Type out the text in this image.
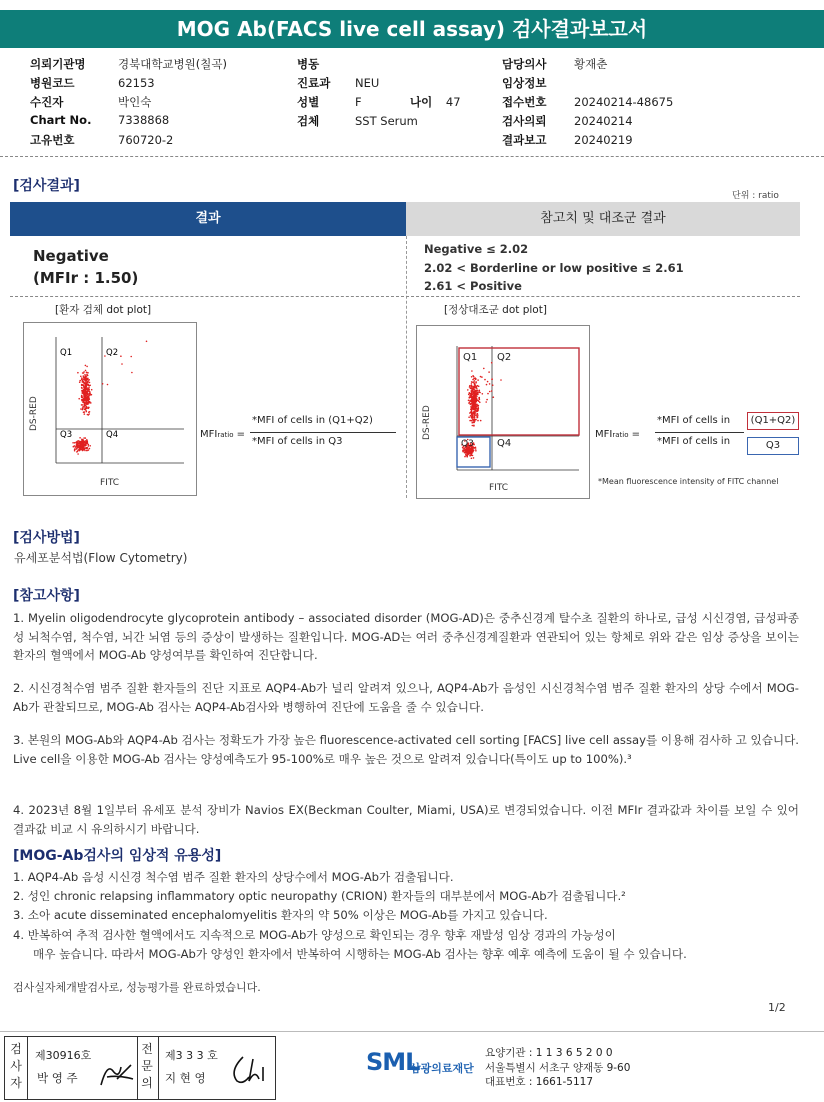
MOG Ab(FACS live cell assay) 검사결과보고서
의뢰기관명	경북대학교병원(칠곡)
병원코드	62153
수진자	박인숙
Chart No. 7338868
고유번호	760720-2
병동
진료과 NEU
성별	F
검체	SST Serum
나이 47
담당의사 황재춘
임상정보
접수번호 20240214-48675
검사의뢰 20240214
결과보고 20240219
[검사결과]
단위 : ratio
결과	참고치 및 대조군 결과
Negative
(MFIr : 1.50)
Negative ≤ 2.02
2.02 < Borderline or low positive ≤ 2.61
2.61 < Positive
[환자 검체 dot plot]
Q1	Q2
Q3	Q4
DS-RED
FITC
MFIratio =
*MFI of cells in (Q1+Q2)
*MFI of cells in Q3
[정상대조군 dot plot]
Q1 Q2
Q3 Q4
DS-RED
FITC
MFIratio =
*MFI of cells in	(Q1+Q2)
*MFI of cells in	Q3
*Mean fluorescence intensity of FITC channel
[검사방법]
유세포분석법(Flow Cytometry)
[참고사항]
1. Myelin oligodendrocyte glycoprotein antibody – associated disorder (MOG-AD)은 중추신경계 탈수초 질환의 하나로, 급성 시신경염, 급성파종성 뇌척수염, 척수염, 뇌간 뇌염 등의 증상이 발생하는 질환입니다. MOG-AD는 여러 중추신경계질환과 연관되어 있는 항체로 위와 같은 임상 증상을 보이는 환자의 혈액에서 MOG-Ab 양성여부를 확인하여 진단합니다.
2. 시신경척수염 범주 질환 환자들의 진단 지표로 AQP4-Ab가 널리 알려져 있으나, AQP4-Ab가 음성인 시신경척수염 범주 질환 환자의 상당 수에서 MOG-Ab가 관찰되므로, MOG-Ab 검사는 AQP4-Ab검사와 병행하여 진단에 도움을 줄 수 있습니다.
3. 본원의 MOG-Ab와 AQP4-Ab 검사는 정확도가 가장 높은 fluorescence-activated cell sorting [FACS] live cell assay를 이용해 검사하 고 있습니다. Live cell을 이용한 MOG-Ab 검사는 양성예측도가 95-100%로 매우 높은 것으로 알려져 있습니다(특이도 up to 100%).³
4. 2023년 8월 1일부터 유세포 분석 장비가 Navios EX(Beckman Coulter, Miami, USA)로 변경되었습니다. 이전 MFIr 결과값과 차이를 보일 수 있어 결과값 비교 시 유의하시기 바랍니다.
[MOG-Ab검사의 임상적 유용성]
1. AQP4-Ab 음성 시신경 척수염 범주 질환 환자의 상당수에서 MOG-Ab가 검출됩니다.
2. 성인 chronic relapsing inflammatory optic neuropathy (CRION) 환자들의 대부분에서 MOG-Ab가 검출됩니다.²
3. 소아 acute disseminated encephalomyelitis 환자의 약 50% 이상은 MOG-Ab를 가지고 있습니다.
4. 반복하여 추적 검사한 혈액에서도 지속적으로 MOG-Ab가 양성으로 확인되는 경우 향후 재발성 임상 경과의 가능성이
매우 높습니다. 따라서 MOG-Ab가 양성인 환자에서 반복하여 시행하는 MOG-Ab 검사는 향후 예후 예측에 도움이 될 수 있습니다.
검사실자체개발검사로, 성능평가를 완료하였습니다.
1/2
검사자
제30916호
박 영 주
전문의
제3 3 3 호
지 현 영
SML
삼광의료재단
요양기관 : 1 1 3 6 5 2 0 0
서울특별시 서초구 양재동 9-60
대표번호 : 1661-5117
